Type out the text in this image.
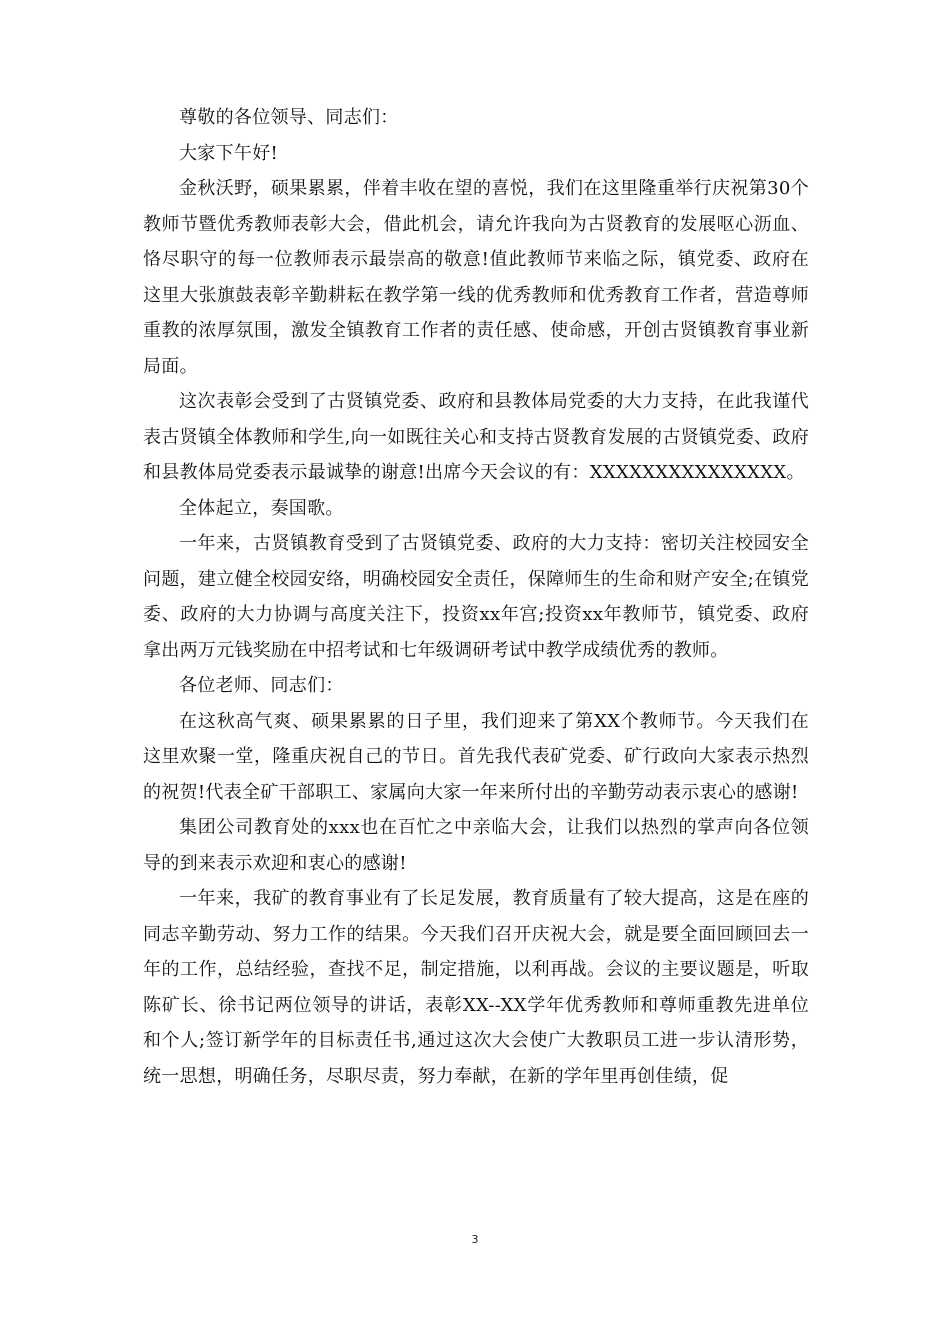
尊敬的各位领导、同志们：

大家下午好!

金秋沃野，硕果累累，伴着丰收在望的喜悦，我们在这里隆重举行庆祝第30个教师节暨优秀教师表彰大会，借此机会，请允许我向为古贤教育的发展呕心沥血、恪尽职守的每一位教师表示最崇高的敬意!值此教师节来临之际，镇党委、政府在这里大张旗鼓表彰辛勤耕耘在教学第一线的优秀教师和优秀教育工作者，营造尊师重教的浓厚氛围，激发全镇教育工作者的责任感、使命感，开创古贤镇教育事业新局面。

这次表彰会受到了古贤镇党委、政府和县教体局党委的大力支持，在此我谨代表古贤镇全体教师和学生,向一如既往关心和支持古贤教育发展的古贤镇党委、政府和县教体局党委表示最诚挚的谢意!出席今天会议的有：XXXXXXXXXXXXXXX。

全体起立，奏国歌。

一年来，古贤镇教育受到了古贤镇党委、政府的大力支持：密切关注校园安全问题，建立健全校园安络，明确校园安全责任，保障师生的生命和财产安全;在镇党委、政府的大力协调与高度关注下，投资xx年宫;投资xx年教师节，镇党委、政府拿出两万元钱奖励在中招考试和七年级调研考试中教学成绩优秀的教师。

各位老师、同志们：

在这秋高气爽、硕果累累的日子里，我们迎来了第XX个教师节。今天我们在这里欢聚一堂，隆重庆祝自己的节日。首先我代表矿党委、矿行政向大家表示热烈的祝贺!代表全矿干部职工、家属向大家一年来所付出的辛勤劳动表示衷心的感谢!

集团公司教育处的xxx也在百忙之中亲临大会，让我们以热烈的掌声向各位领导的到来表示欢迎和衷心的感谢!

一年来，我矿的教育事业有了长足发展，教育质量有了较大提高，这是在座的同志辛勤劳动、努力工作的结果。今天我们召开庆祝大会，就是要全面回顾回去一年的工作，总结经验，查找不足，制定措施，以利再战。会议的主要议题是，听取陈矿长、徐书记两位领导的讲话，表彰XX--XX学年优秀教师和尊师重教先进单位和个人;签订新学年的目标责任书,通过这次大会使广大教职员工进一步认清形势，统一思想，明确任务，尽职尽责，努力奉献，在新的学年里再创佳绩，促

3
